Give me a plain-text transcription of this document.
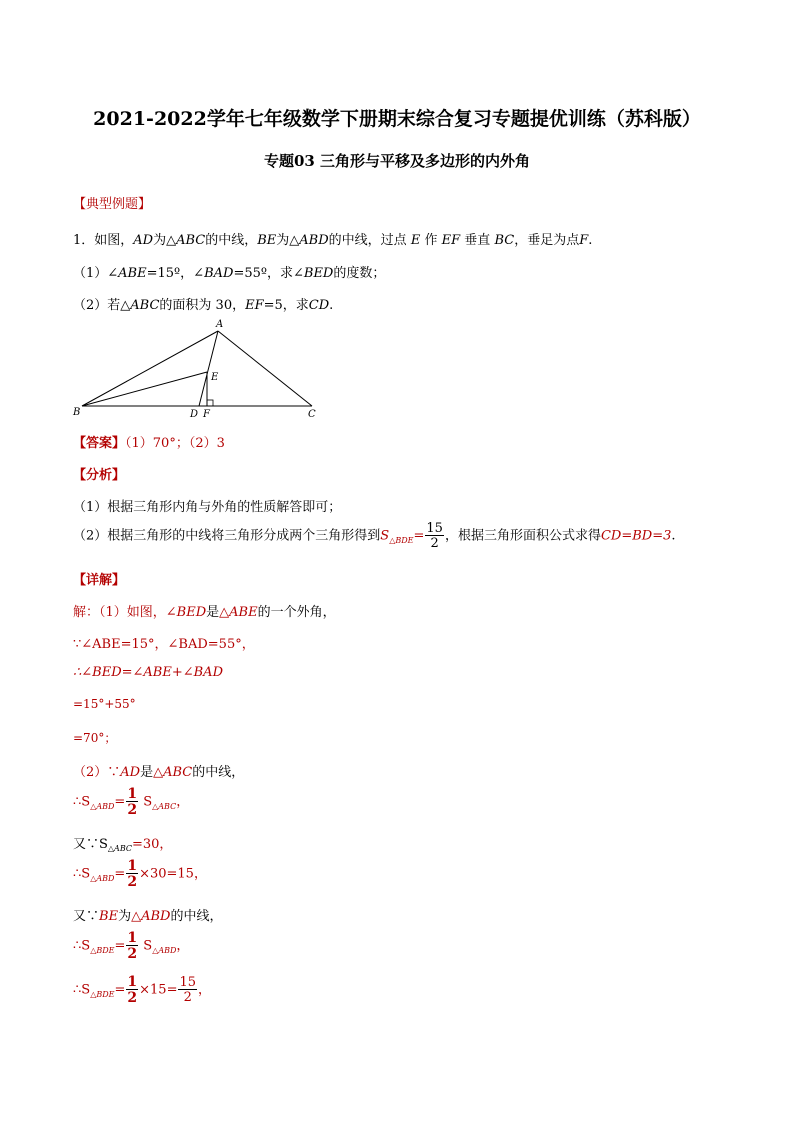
2021-2022学年七年级数学下册期末综合复习专题提优训练（苏科版）
专题03 三角形与平移及多边形的内外角
【典型例题】
1．如图，AD为△ABC的中线，BE为△ABD的中线，过点 E 作 EF 垂直 BC，垂足为点F.
（1）∠ABE=15º，∠BAD=55º，求∠BED的度数；
（2）若△ABC的面积为 30，EF=5，求CD.
A
B	C
D
E
F
【答案】（1）70°；（2）3
【分析】
（1）根据三角形内角与外角的性质解答即可；
（2）根据三角形的中线将三角形分成两个三角形得到$S_{\triangle BDE}= \frac{15}{2}$ ，根据三角形面积公式求得CD=BD=3.
【详解】
解：（1）如图，∠BED是△ABE的一个外角，
∵∠ABE=15°，∠BAD=55°，
∴∠BED=∠ABE+∠BAD
=15°+55°
=70°；
（2）∵AD是△ABC的中线，
$\therefore S_{\triangle ABD}= \frac{1}{2} S_{\triangle ABC}$，
又$\because S_{\triangle ABC}=30$，
$\therefore S_{\triangle ABD}= \frac{1}{2} \times 30=15$，
又∵BE为△ABD的中线，
$\therefore S_{\triangle BDE}= \frac{1}{2} S_{\triangle ABD}$，
$\therefore S_{\triangle BDE}= \frac{1}{2} \times 15= \frac{15}{2}$ ，
